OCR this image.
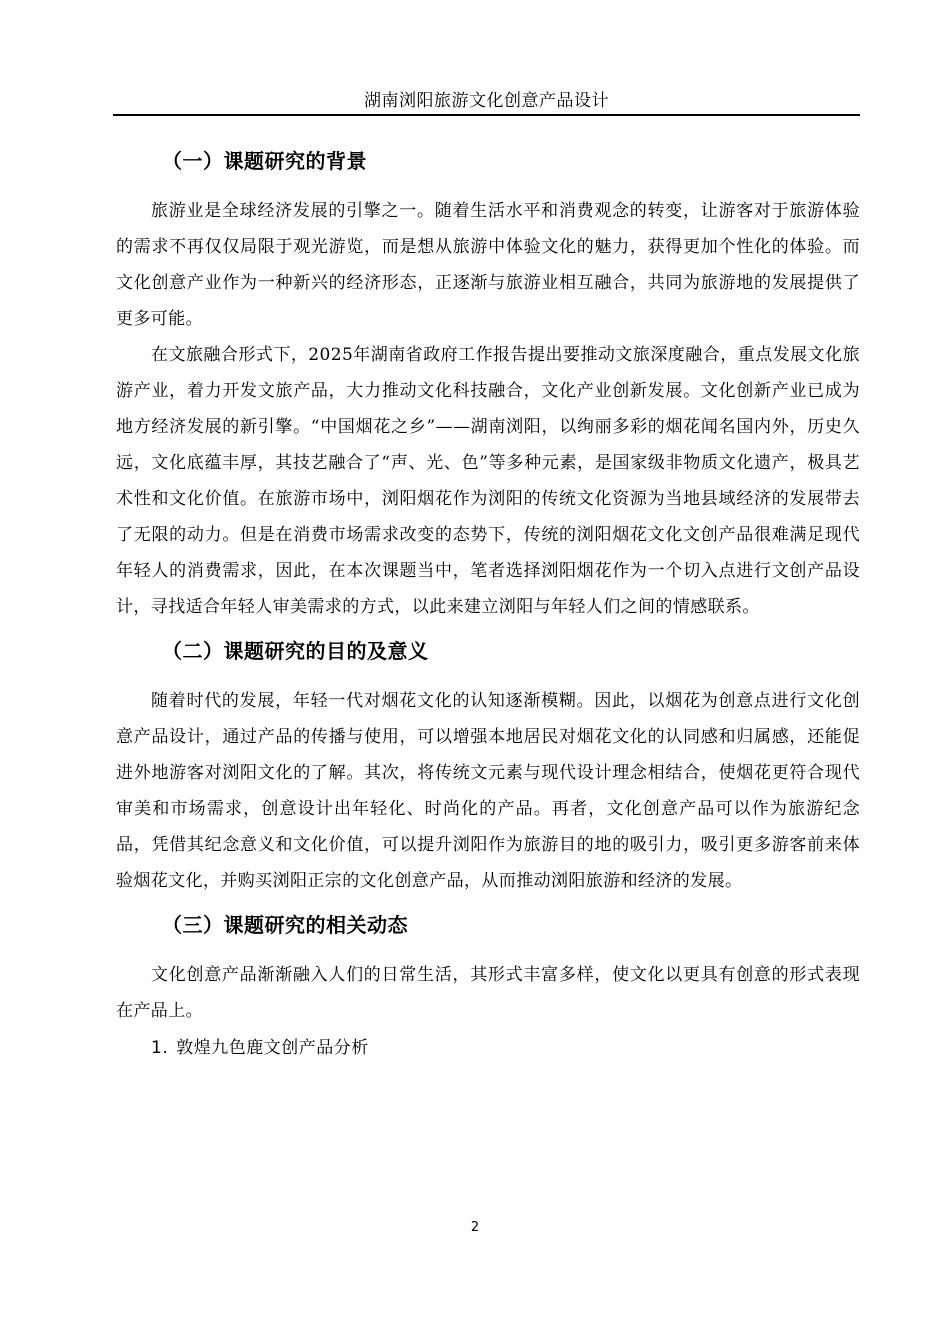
湖南浏阳旅游文化创意产品设计
（一）课题研究的背景

旅游业是全球经济发展的引擎之一。随着生活水平和消费观念的转变，让游客对于旅游体验的需求不再仅仅局限于观光游览，而是想从旅游中体验文化的魅力，获得更加个性化的体验。而文化创意产业作为一种新兴的经济形态，正逐渐与旅游业相互融合，共同为旅游地的发展提供了更多可能。

在文旅融合形式下，2025年湖南省政府工作报告提出要推动文旅深度融合，重点发展文化旅游产业，着力开发文旅产品，大力推动文化科技融合，文化产业创新发展。文化创新产业已成为地方经济发展的新引擎。“中国烟花之乡”——湖南浏阳，以绚丽多彩的烟花闻名国内外，历史久远，文化底蕴丰厚，其技艺融合了“声、光、色”等多种元素，是国家级非物质文化遗产，极具艺术性和文化价值。在旅游市场中，浏阳烟花作为浏阳的传统文化资源为当地县域经济的发展带去了无限的动力。但是在消费市场需求改变的态势下，传统的浏阳烟花文化文创产品很难满足现代年轻人的消费需求，因此，在本次课题当中，笔者选择浏阳烟花作为一个切入点进行文创产品设计，寻找适合年轻人审美需求的方式，以此来建立浏阳与年轻人们之间的情感联系。

（二）课题研究的目的及意义

随着时代的发展，年轻一代对烟花文化的认知逐渐模糊。因此，以烟花为创意点进行文化创意产品设计，通过产品的传播与使用，可以增强本地居民对烟花文化的认同感和归属感，还能促进外地游客对浏阳文化的了解。其次，将传统文元素与现代设计理念相结合，使烟花更符合现代审美和市场需求，创意设计出年轻化、时尚化的产品。再者，文化创意产品可以作为旅游纪念品，凭借其纪念意义和文化价值，可以提升浏阳作为旅游目的地的吸引力，吸引更多游客前来体验烟花文化，并购买浏阳正宗的文化创意产品，从而推动浏阳旅游和经济的发展。

（三）课题研究的相关动态

文化创意产品渐渐融入人们的日常生活，其形式丰富多样，使文化以更具有创意的形式表现在产品上。

1. 敦煌九色鹿文创产品分析
2
